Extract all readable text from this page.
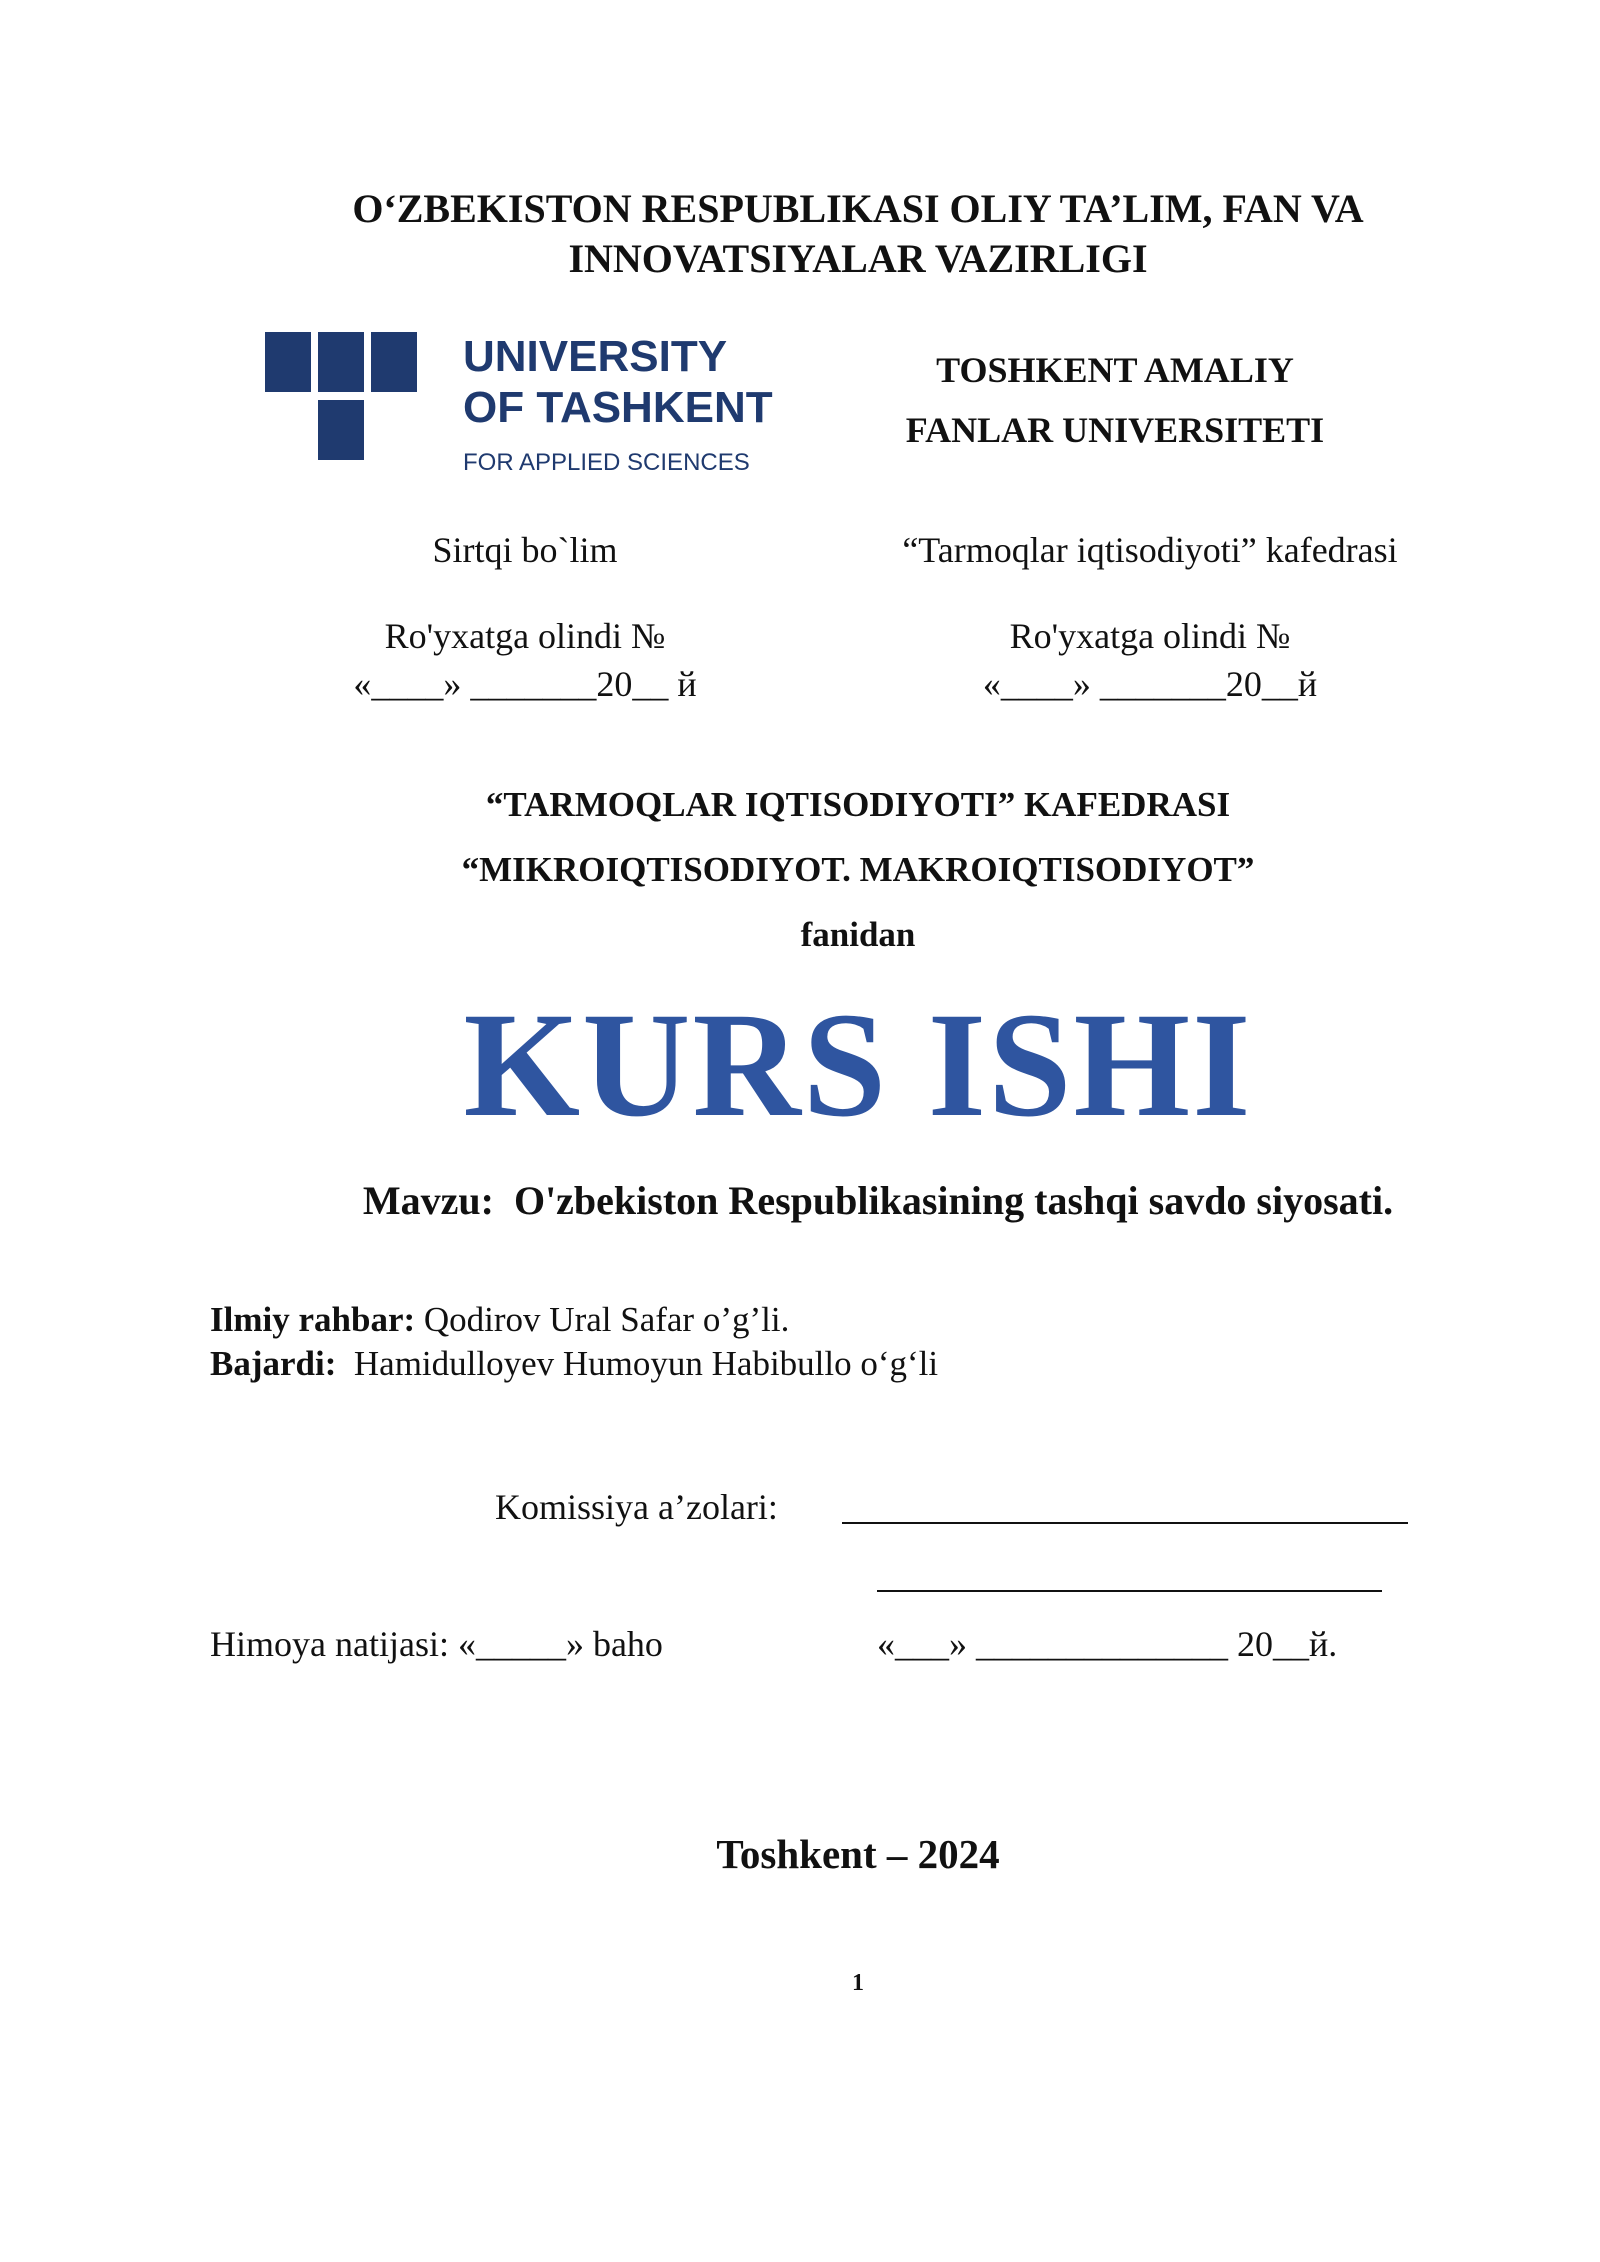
O‘ZBEKISTON RESPUBLIKASI OLIY TA’LIM, FAN VA
INNOVATSIYALAR VAZIRLIGI
UNIVERSITY
OF TASHKENT
FOR APPLIED SCIENCES
TOSHKENT AMALIY
FANLAR UNIVERSITETI
Sirtqi bo`lim
Ro'yxatga olindi №
«____» _______20__ й
“Tarmoqlar iqtisodiyoti” kafedrasi
Ro'yxatga olindi №
«____» _______20__й
“TARMOQLAR IQTISODIYOTI” KAFEDRASI
“MIKROIQTISODIYOT. MAKROIQTISODIYOT”
fanidan
KURS ISHI
Mavzu: O'zbekiston Respublikasining tashqi savdo siyosati.
Ilmiy rahbar: Qodirov Ural Safar o’g’li.
Bajardi: Hamidulloyev Humoyun Habibullo o‘g‘li
Komissiya a’zolari:
Himoya natijasi: «_____» baho	«___» ______________ 20__й.
Toshkent – 2024
1
